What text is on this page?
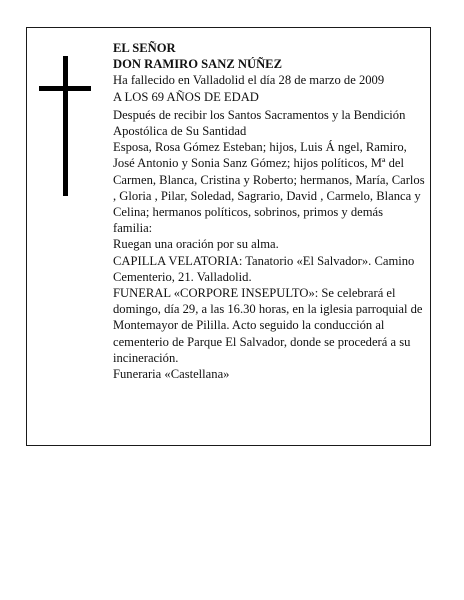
EL SEÑOR

DON RAMIRO SANZ NÚÑEZ

Ha fallecido en Valladolid el día 28 de marzo de 2009

A LOS 69 AÑOS DE EDAD

Después de recibir los Santos Sacramentos y la Bendición Apostólica de Su Santidad

Esposa, Rosa Gómez Esteban; hijos, Luis Á ngel, Ramiro, José Antonio y Sonia Sanz Gómez; hijos políticos, Mª del Carmen, Blanca, Cristina y Roberto; hermanos, María, Carlos , Gloria , Pilar, Soledad, Sagrario, David , Carmelo, Blanca y Celina; hermanos políticos, sobrinos, primos y demás familia:

Ruegan una oración por su alma.

CAPILLA VELATORIA: Tanatorio «El Salvador». Camino Cementerio, 21. Valladolid.

FUNERAL «CORPORE INSEPULTO»: Se celebrará el domingo, día 29, a las 16.30 horas, en la iglesia parroquial de Montemayor de Pililla. Acto seguido la conducción al cementerio de Parque El Salvador, donde se procederá a su incineración.

Funeraria «Castellana»
